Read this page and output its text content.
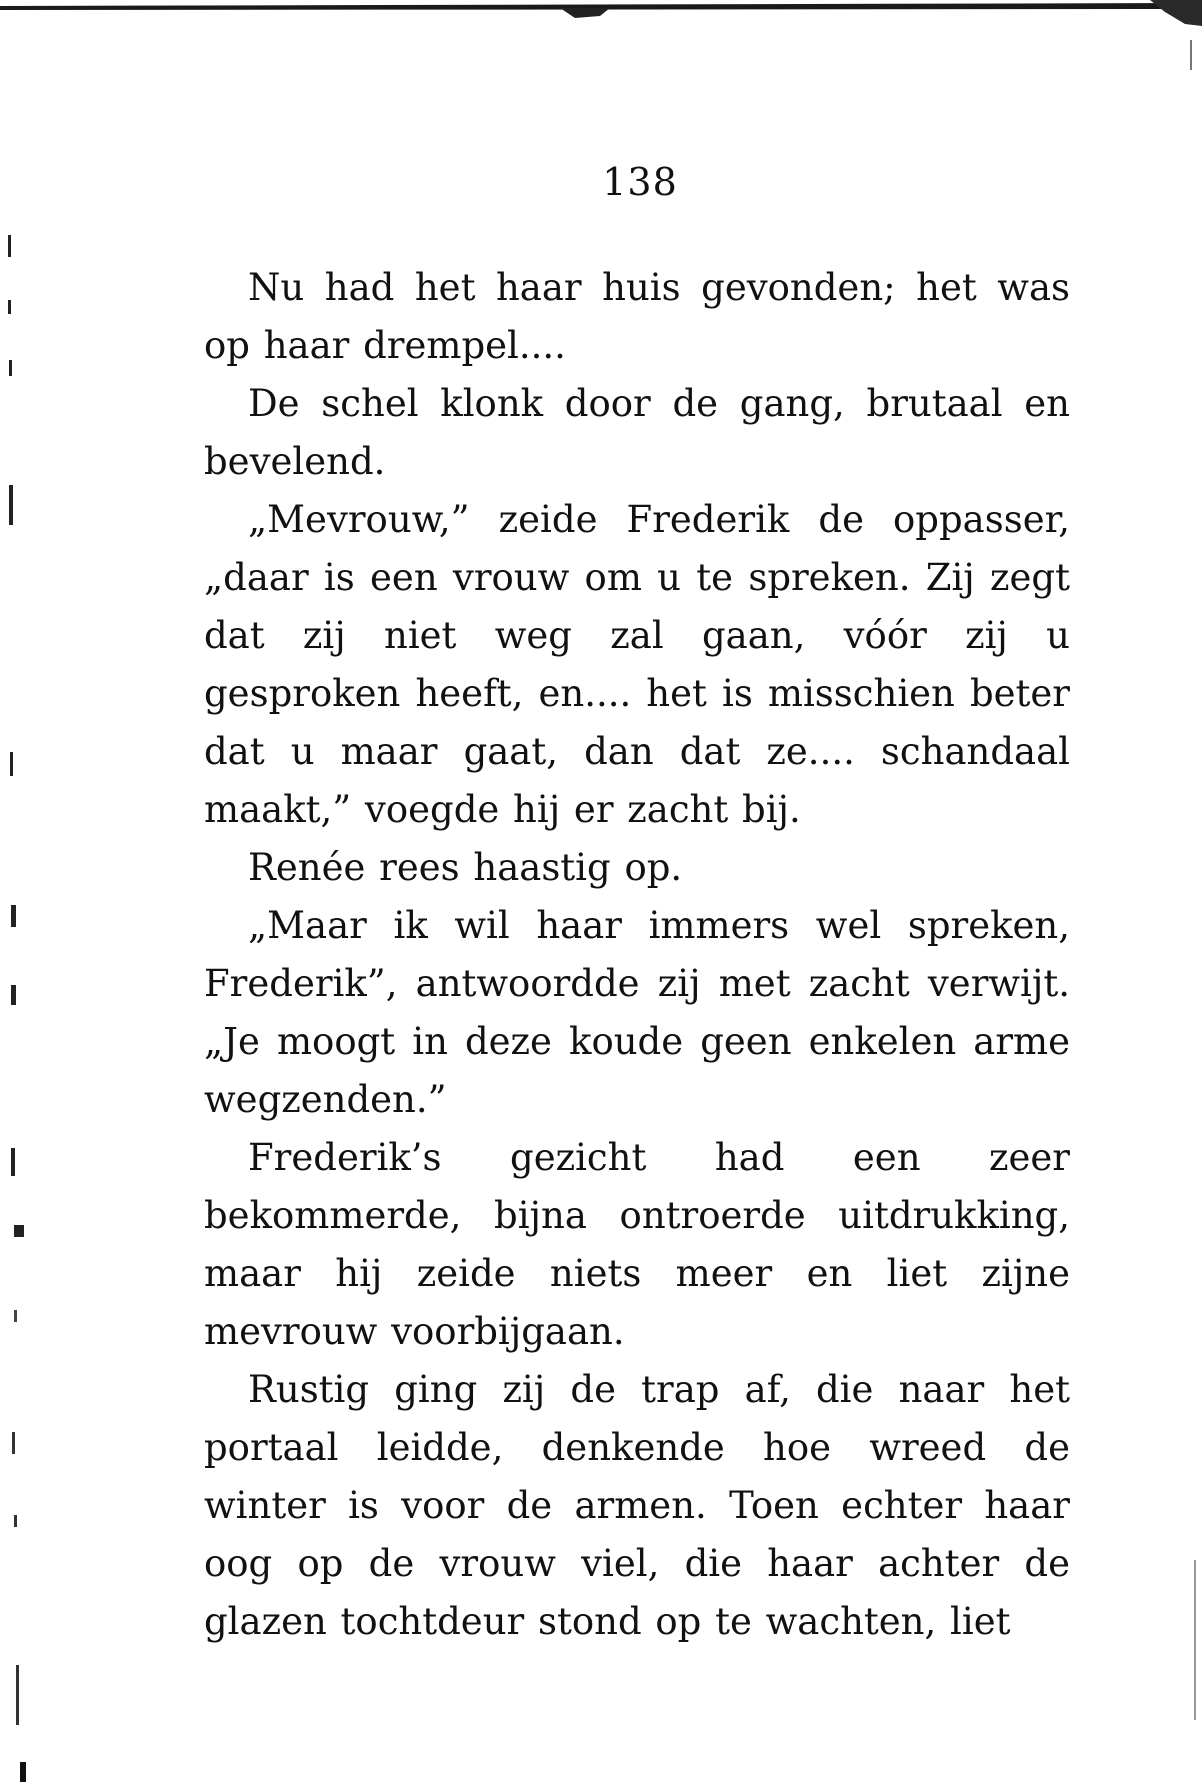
138

Nu had het haar huis gevonden; het was op haar drempel....

De schel klonk door de gang, brutaal en bevelend.

„Mevrouw,” zeide Frederik de oppasser, „daar is een vrouw om u te spreken. Zij zegt dat zij niet weg zal gaan, vóór zij u gesproken heeft, en.... het is misschien beter dat u maar gaat, dan dat ze.... schandaal maakt,” voegde hij er zacht bij.

Renée rees haastig op.

„Maar ik wil haar immers wel spreken, Frederik”, antwoordde zij met zacht verwijt. „Je moogt in deze koude geen enkelen arme wegzenden.”

Frederik’s gezicht had een zeer bekommerde, bijna ontroerde uitdrukking, maar hij zeide niets meer en liet zijne mevrouw voorbijgaan.

Rustig ging zij de trap af, die naar het portaal leidde, denkende hoe wreed de winter is voor de armen. Toen echter haar oog op de vrouw viel, die haar achter de glazen tochtdeur stond op te wachten, liet
